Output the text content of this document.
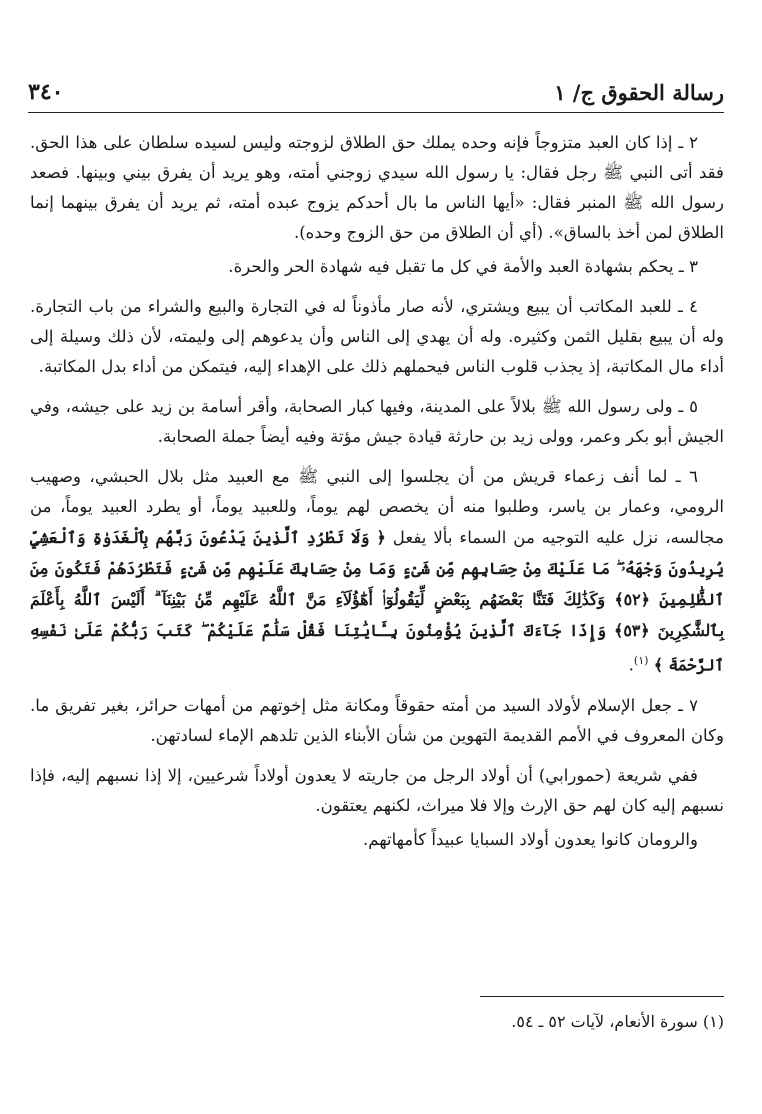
رسالة الحقوق ج/ ١
٣٤٠

٢ ـ إذا كان العبد متزوجاً فإنه وحده يملك حق الطلاق لزوجته وليس لسيده سلطان على هذا الحق. فقد أتى النبي ﷺ رجل فقال: يا رسول الله سيدي زوجني أمته، وهو يريد أن يفرق بيني وبينها. فصعد رسول الله ﷺ المنبر فقال: «أيها الناس ما بال أحدكم يزوج عبده أمته، ثم يريد أن يفرق بينهما إنما الطلاق لمن أخذ بالساق». (أي أن الطلاق من حق الزوج وحده).

٣ ـ يحكم بشهادة العبد والأمة في كل ما تقبل فيه شهادة الحر والحرة.

٤ ـ للعبد المكاتب أن يبيع ويشتري، لأنه صار مأذوناً له في التجارة والبيع والشراء من باب التجارة. وله أن يبيع بقليل الثمن وكثيره. وله أن يهدي إلى الناس وأن يدعوهم إلى وليمته، لأن ذلك وسيلة إلى أداء مال المكاتبة، إذ يجذب قلوب الناس فيحملهم ذلك على الإهداء إليه، فيتمكن من أداء بدل المكاتبة.

٥ ـ ولى رسول الله ﷺ بلالاً على المدينة، وفيها كبار الصحابة، وأقر أسامة بن زيد على جيشه، وفي الجيش أبو بكر وعمر، وولى زيد بن حارثة قيادة جيش مؤتة وفيه أيضاً جملة الصحابة.

٦ ـ لما أنف زعماء قريش من أن يجلسوا إلى النبي ﷺ مع العبيد مثل بلال الحبشي، وصهيب الرومي، وعمار بن ياسر، وطلبوا منه أن يخصص لهم يوماً، وللعبيد يوماً، أو يطرد العبيد يوماً، من مجالسه، نزل عليه التوجيه من السماء بألا يفعل ﴿ وَلَا تَطْرُدِ ٱلَّذِينَ يَدْعُونَ رَبَّهُم بِٱلْغَدَوٰةِ وَٱلْعَشِيِّ يُرِيدُونَ وَجْهَهُۥ ۖ مَا عَلَيْكَ مِنْ حِسَابِهِم مِّن شَىْءٍ وَمَا مِنْ حِسَابِكَ عَلَيْهِم مِّن شَىْءٍ فَتَطْرُدَهُمْ فَتَكُونَ مِنَ ٱلظَّٰلِمِينَ ﴿٥٢﴾ وَكَذَٰلِكَ فَتَنَّا بَعْضَهُم بِبَعْضٍ لِّيَقُولُوٓا۟ أَهَٰٓؤُلَآءِ مَنَّ ٱللَّهُ عَلَيْهِم مِّنۢ بَيْنِنَآ ۗ أَلَيْسَ ٱللَّهُ بِأَعْلَمَ بِٱلشَّٰكِرِينَ ﴿٥٣﴾ وَإِذَا جَآءَكَ ٱلَّذِينَ يُؤْمِنُونَ بِـَٔايَٰتِنَا فَقُلْ سَلَٰمٌ عَلَيْكُمْ ۖ كَتَبَ رَبُّكُمْ عَلَىٰ نَفْسِهِ ٱلرَّحْمَةَ ﴾ $^{(١)}$.

٧ ـ جعل الإسلام لأولاد السيد من أمته حقوقاً ومكانة مثل إخوتهم من أمهات حرائر، بغير تفريق ما. وكان المعروف في الأمم القديمة التهوين من شأن الأبناء الذين تلدهم الإماء لسادتهن.

ففي شريعة (حمورابي) أن أولاد الرجل من جاريته لا يعدون أولاداً شرعيين، إلا إذا نسبهم إليه، فإذا نسبهم إليه كان لهم حق الإرث وإلا فلا ميراث، لكنهم يعتقون.

والرومان كانوا يعدون أولاد السبايا عبيداً كأمهاتهم.

(١) سورة الأنعام، لآيات ٥٢ ـ ٥٤.
